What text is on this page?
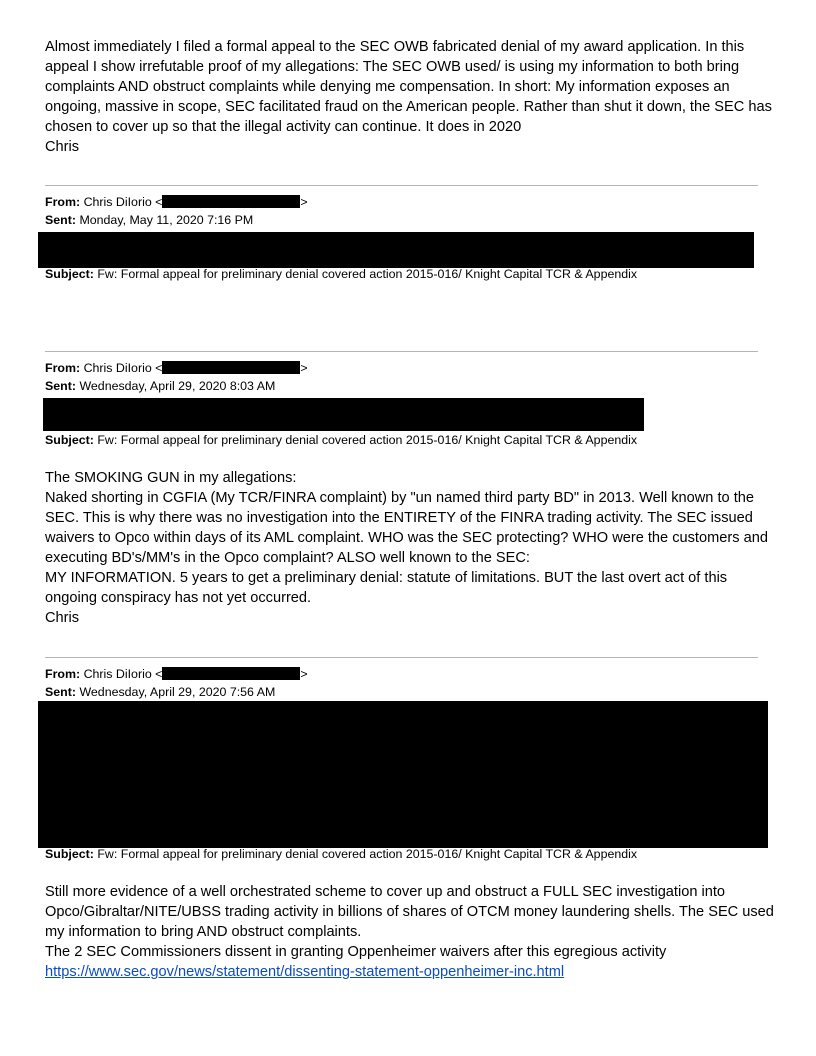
Almost immediately I filed a formal appeal to the SEC OWB fabricated denial of my award application. In this

appeal I show irrefutable proof of my allegations: The SEC OWB used/ is using my information to both bring

complaints AND obstruct complaints while denying me compensation. In short: My information exposes an

ongoing, massive in scope, SEC facilitated fraud on the American people. Rather than shut it down, the SEC has

chosen to cover up so that the illegal activity can continue. It does in 2020

Chris

From: Chris DiIorio <	>
Sent: Monday, May 11, 2020 7:16 PM
Subject: Fw: Formal appeal for preliminary denial covered action 2015-016/ Knight Capital TCR & Appendix
From: Chris DiIorio <	>
Sent: Wednesday, April 29, 2020 8:03 AM
Subject: Fw: Formal appeal for preliminary denial covered action 2015-016/ Knight Capital TCR & Appendix

The SMOKING GUN in my allegations:

Naked shorting in CGFIA (My TCR/FINRA complaint) by "un named third party BD" in 2013. Well known to the

SEC. This is why there was no investigation into the ENTIRETY of the FINRA trading activity. The SEC issued

waivers to Opco within days of its AML complaint. WHO was the SEC protecting? WHO were the customers and

executing BD's/MM's in the Opco complaint? ALSO well known to the SEC:

MY INFORMATION. 5 years to get a preliminary denial: statute of limitations. BUT the last overt act of this

ongoing conspiracy has not yet occurred.

Chris

From: Chris DiIorio <	>
Sent: Wednesday, April 29, 2020 7:56 AM
Subject: Fw: Formal appeal for preliminary denial covered action 2015-016/ Knight Capital TCR & Appendix

Still more evidence of a well orchestrated scheme to cover up and obstruct a FULL SEC investigation into

Opco/Gibraltar/NITE/UBSS trading activity in billions of shares of OTCM money laundering shells. The SEC used

my information to bring AND obstruct complaints.

The 2 SEC Commissioners dissent in granting Oppenheimer waivers after this egregious activity

https://www.sec.gov/news/statement/dissenting-statement-oppenheimer-inc.html
